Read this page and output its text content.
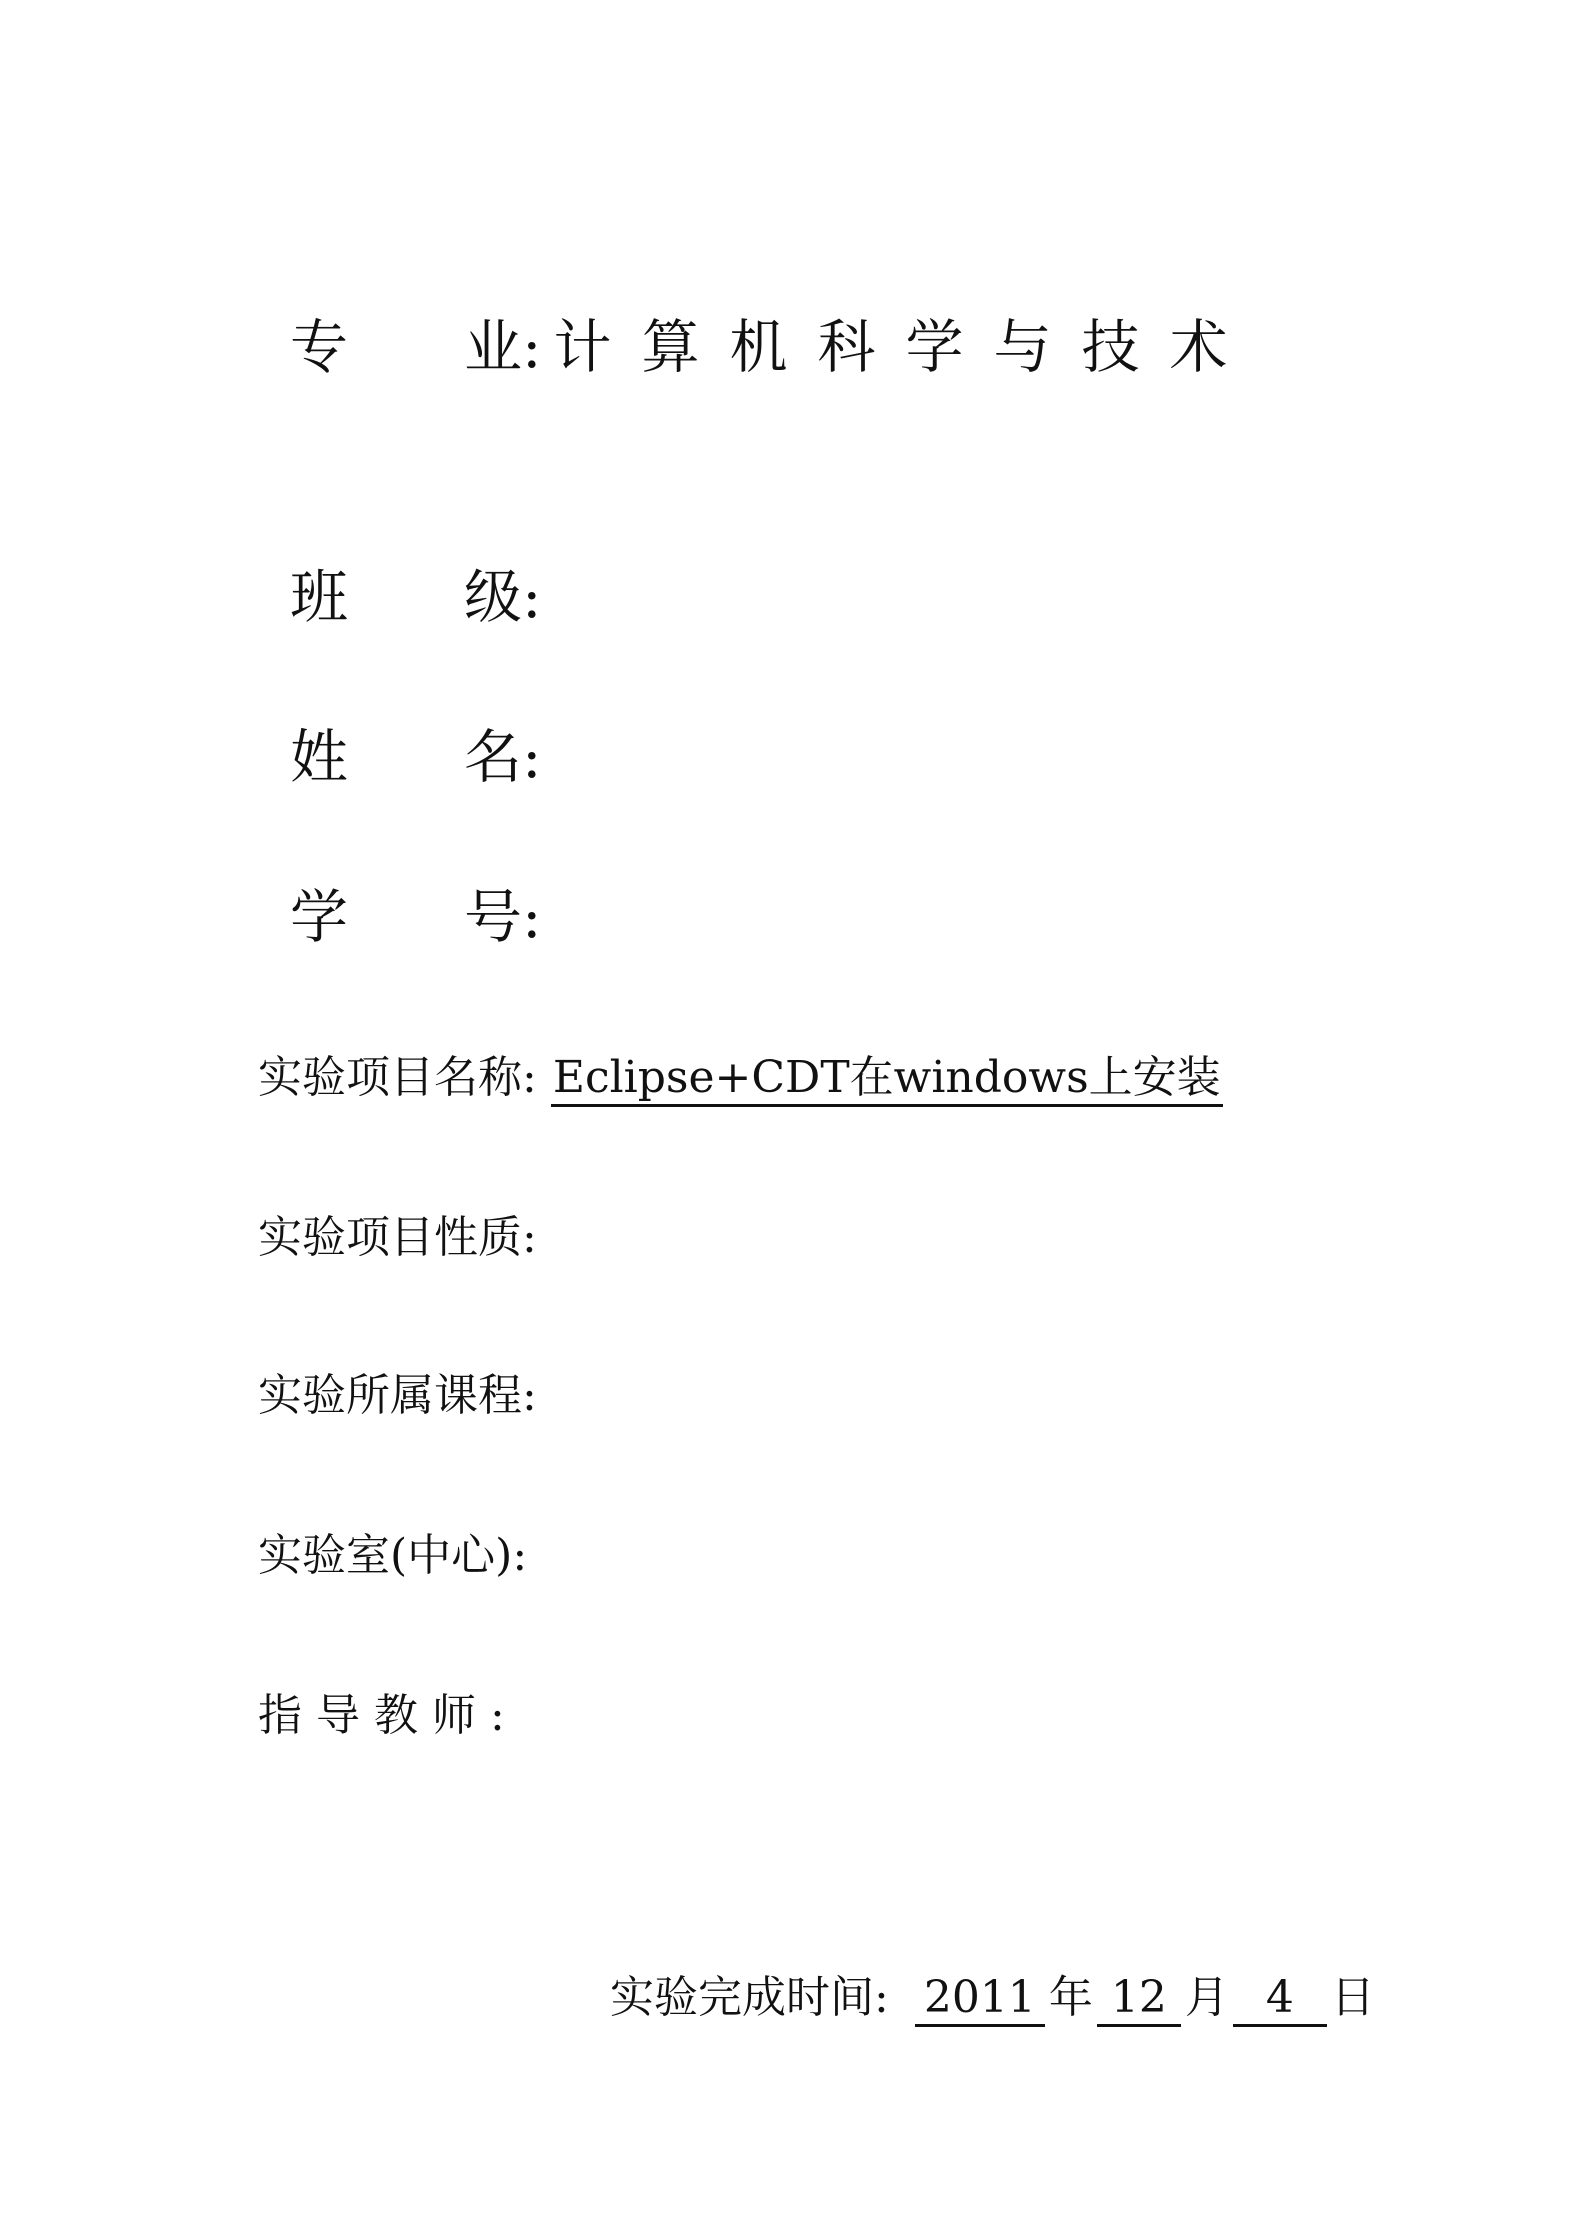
专　　业: 计算机科学与技术
班　　级:
姓　　名:
学　　号:
实验项目名称: Eclipse+CDT在windows上安装
实验项目性质:
实验所属课程:
实验室(中心):
指 导 教 师 :
实验完成时间: 2011 年 12 月 4 日
